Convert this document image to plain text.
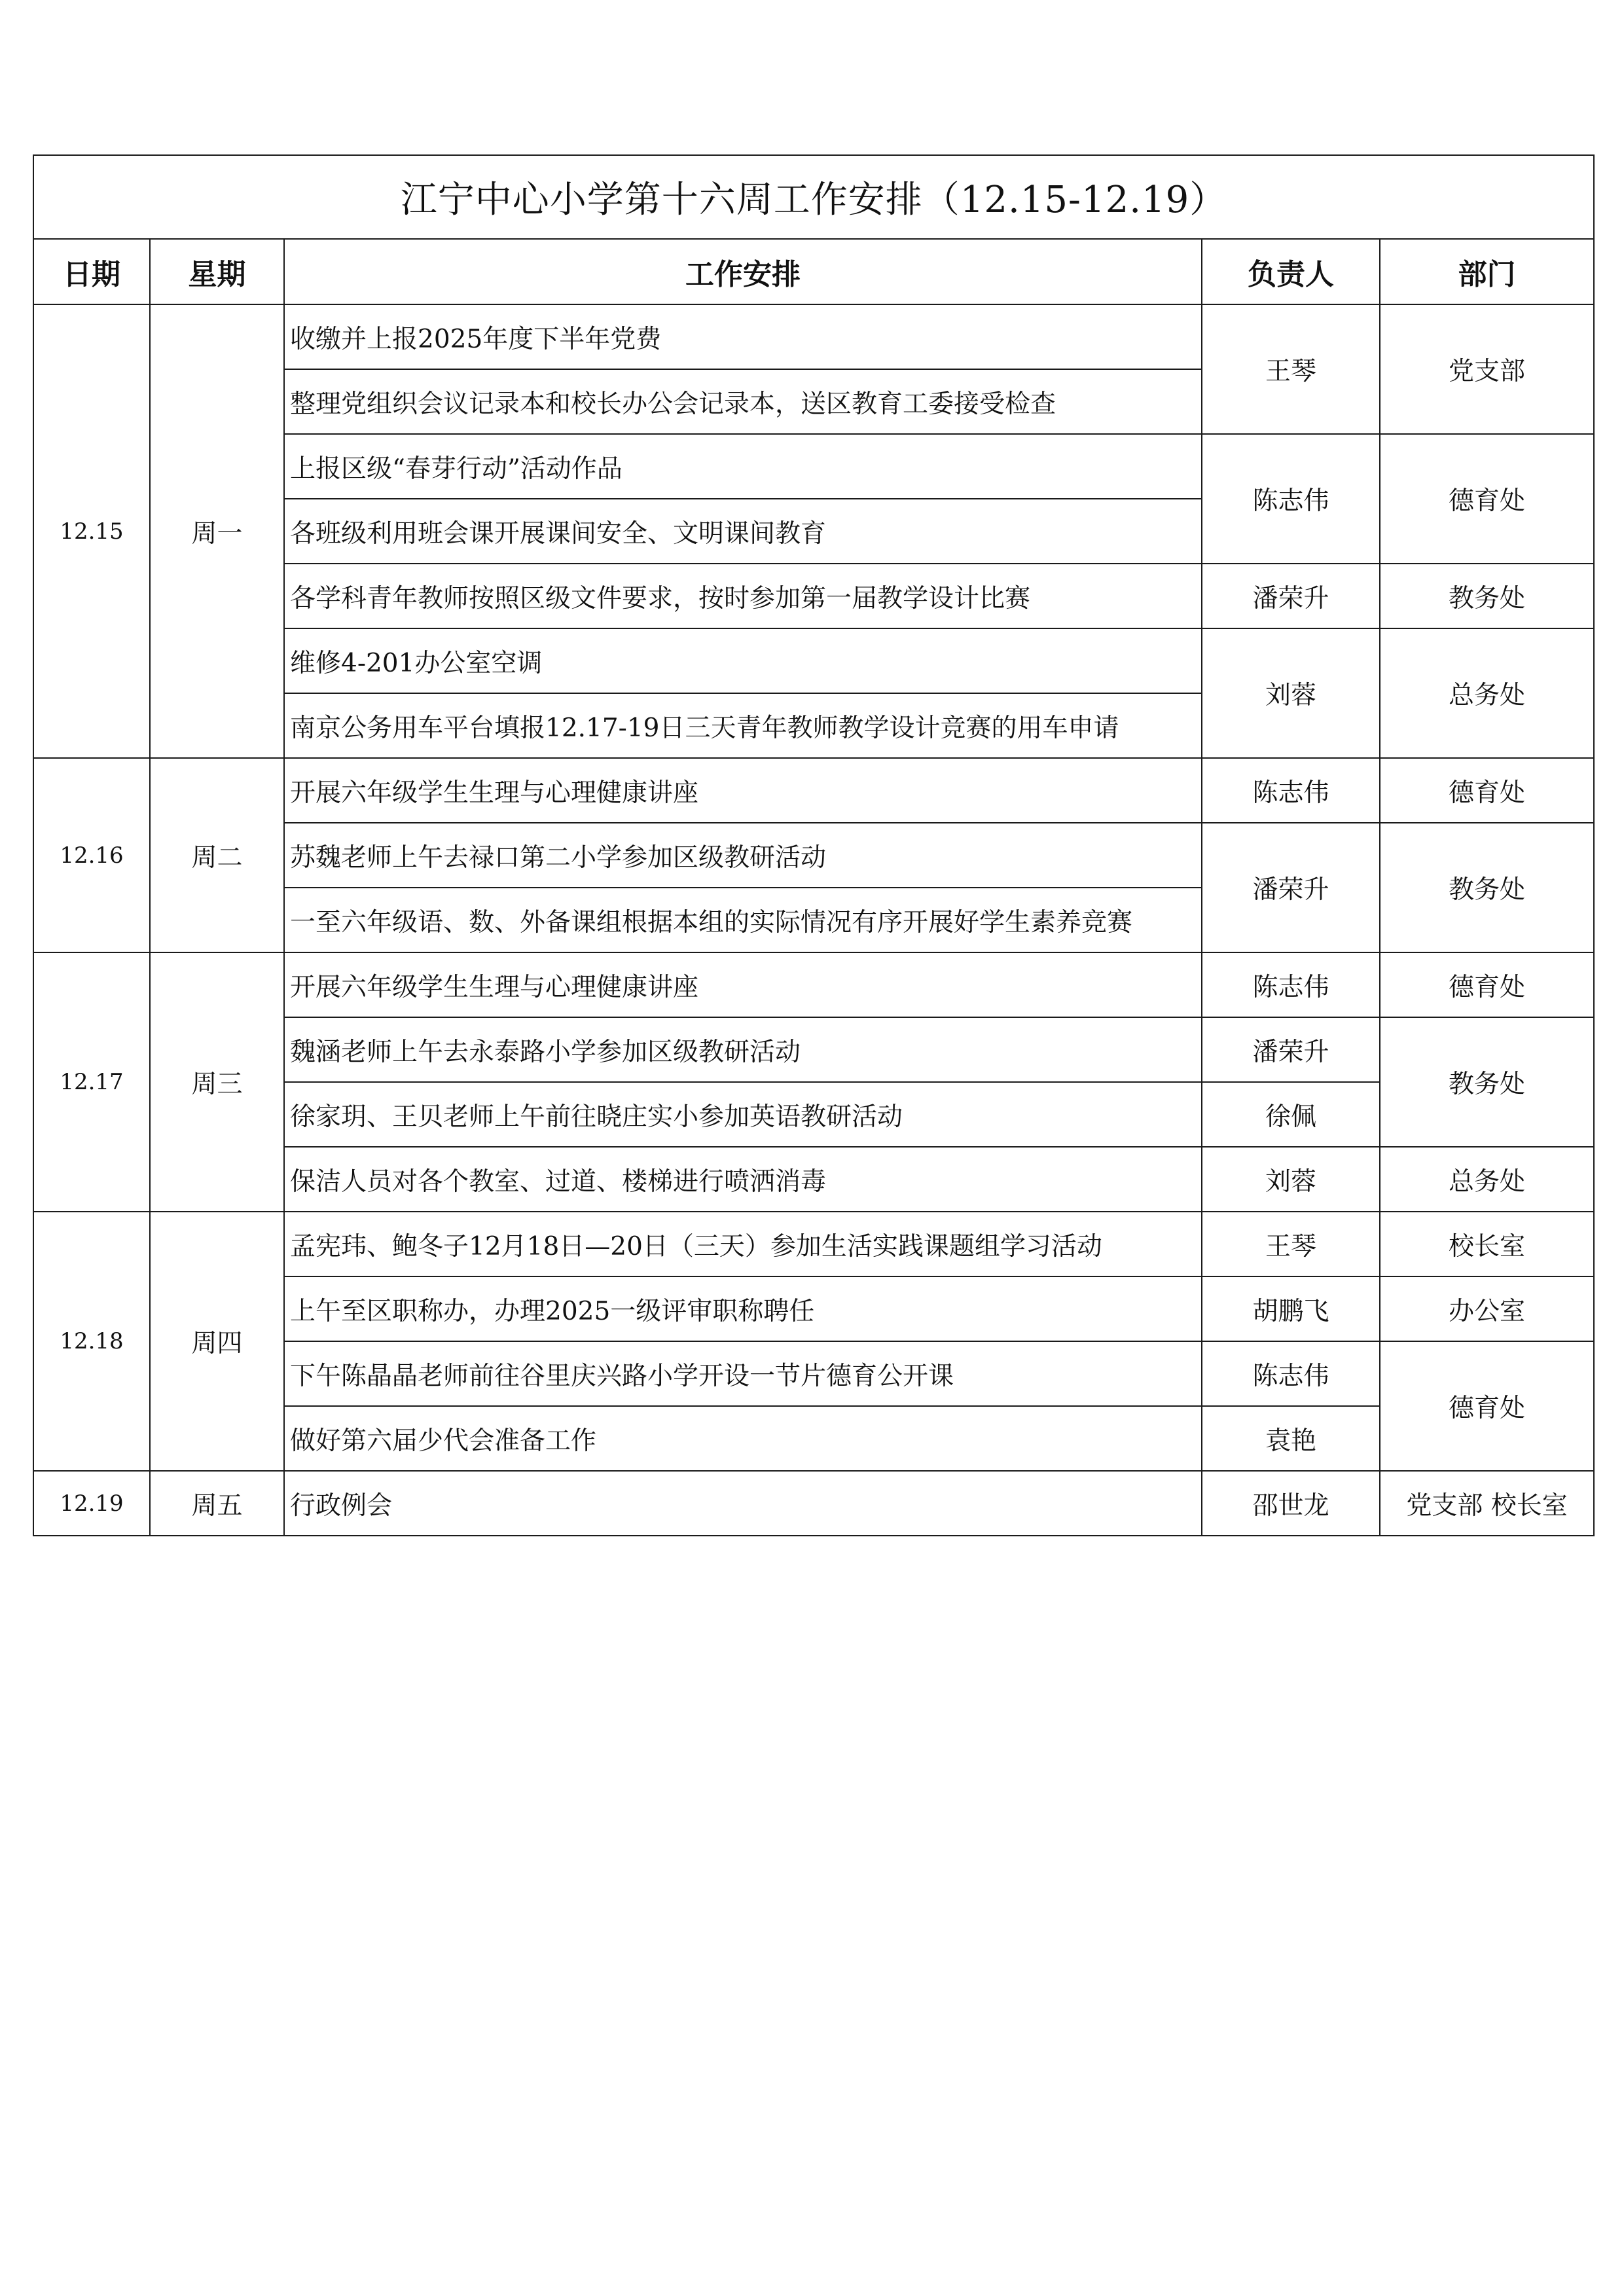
江宁中心小学第十六周工作安排（12.15-12.19）				
日期	星期	工作安排	负责人	部门
12.15	周一	收缴并上报2025年度下半年党费	王琴	党支部
		整理党组织会议记录本和校长办公会记录本，送区教育工委接受检查		
		上报区级“春芽行动”活动作品	陈志伟	德育处
		各班级利用班会课开展课间安全、文明课间教育		
		各学科青年教师按照区级文件要求，按时参加第一届教学设计比赛	潘荣升	教务处
		维修4-201办公室空调	刘蓉	总务处
		南京公务用车平台填报12.17-19日三天青年教师教学设计竞赛的用车申请		
12.16	周二	开展六年级学生生理与心理健康讲座	陈志伟	德育处
		苏魏老师上午去禄口第二小学参加区级教研活动	潘荣升	教务处
		一至六年级语、数、外备课组根据本组的实际情况有序开展好学生素养竞赛		
12.17	周三	开展六年级学生生理与心理健康讲座	陈志伟	德育处
		魏涵老师上午去永泰路小学参加区级教研活动	潘荣升	教务处
		徐家玥、王贝老师上午前往晓庄实小参加英语教研活动	徐佩	
		保洁人员对各个教室、过道、楼梯进行喷洒消毒	刘蓉	总务处
12.18	周四	孟宪玮、鲍冬子12月18日—20日（三天）参加生活实践课题组学习活动	王琴	校长室
		上午至区职称办，办理2025一级评审职称聘任	胡鹏飞	办公室
		下午陈晶晶老师前往谷里庆兴路小学开设一节片德育公开课	陈志伟	德育处
		做好第六届少代会准备工作	袁艳	
12.19	周五	行政例会	邵世龙	党支部 校长室
